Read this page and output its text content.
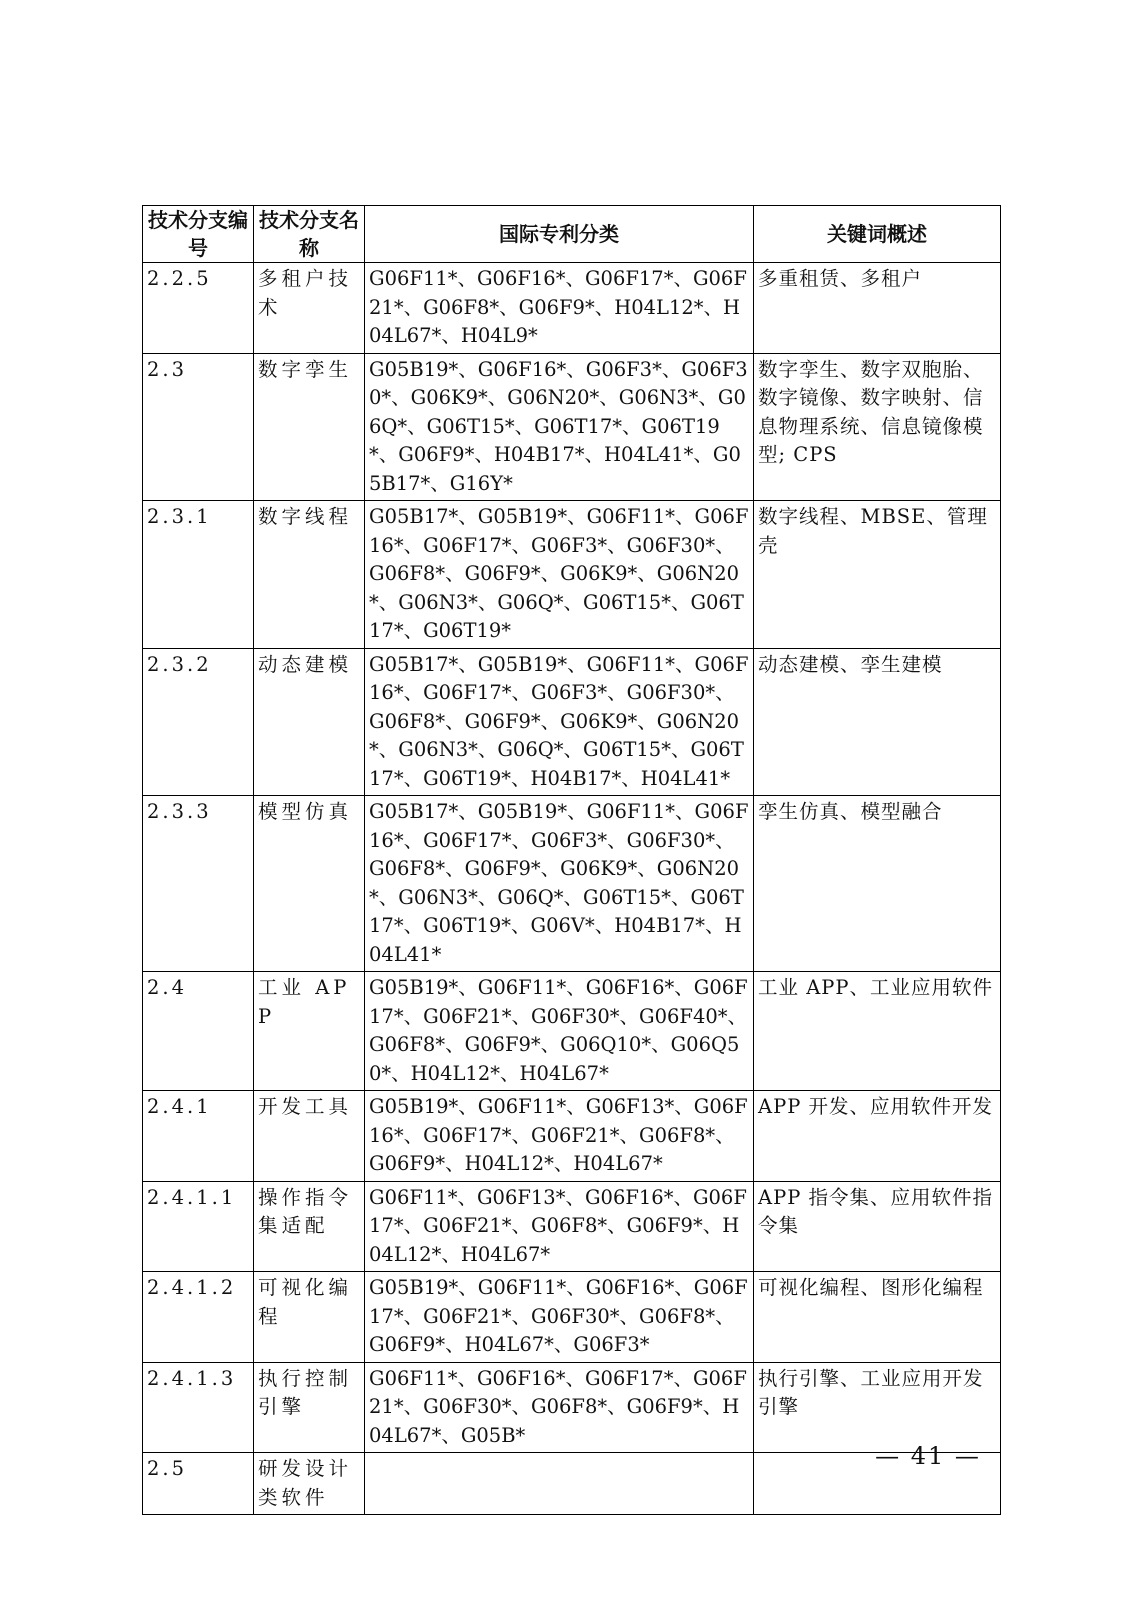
技术分支编号	技术分支名称	国际专利分类	关键词概述
2.2.5	多租户技术	G06F11*、G06F16*、G06F17*、G06F21*、G06F8*、G06F9*、H04L12*、H04L67*、H04L9*	多重租赁、多租户
2.3	数字孪生	G05B19*、G06F16*、G06F3*、G06F30*、G06K9*、G06N20*、G06N3*、G06Q*、G06T15*、G06T17*、G06T19*、G06F9*、H04B17*、H04L41*、G05B17*、G16Y*	数字孪生、数字双胞胎、数字镜像、数字映射、信息物理系统、信息镜像模型; CPS
2.3.1	数字线程	G05B17*、G05B19*、G06F11*、G06F16*、G06F17*、G06F3*、G06F30*、G06F8*、G06F9*、G06K9*、G06N20*、G06N3*、G06Q*、G06T15*、G06T17*、G06T19*	数字线程、MBSE、管理壳
2.3.2	动态建模	G05B17*、G05B19*、G06F11*、G06F16*、G06F17*、G06F3*、G06F30*、G06F8*、G06F9*、G06K9*、G06N20*、G06N3*、G06Q*、G06T15*、G06T17*、G06T19*、H04B17*、H04L41*	动态建模、孪生建模
2.3.3	模型仿真	G05B17*、G05B19*、G06F11*、G06F16*、G06F17*、G06F3*、G06F30*、G06F8*、G06F9*、G06K9*、G06N20*、G06N3*、G06Q*、G06T15*、G06T17*、G06T19*、G06V*、H04B17*、H04L41*	孪生仿真、模型融合
2.4	工业 APP	G05B19*、G06F11*、G06F16*、G06F17*、G06F21*、G06F30*、G06F40*、G06F8*、G06F9*、G06Q10*、G06Q50*、H04L12*、H04L67*	工业 APP、工业应用软件
2.4.1	开发工具	G05B19*、G06F11*、G06F13*、G06F16*、G06F17*、G06F21*、G06F8*、G06F9*、H04L12*、H04L67*	APP 开发、应用软件开发
2.4.1.1	操作指令集适配	G06F11*、G06F13*、G06F16*、G06F17*、G06F21*、G06F8*、G06F9*、H04L12*、H04L67*	APP 指令集、应用软件指令集
2.4.1.2	可视化编程	G05B19*、G06F11*、G06F16*、G06F17*、G06F21*、G06F30*、G06F8*、G06F9*、H04L67*、G06F3*	可视化编程、图形化编程
2.4.1.3	执行控制引擎	G06F11*、G06F16*、G06F17*、G06F21*、G06F30*、G06F8*、G06F9*、H04L67*、G05B*	执行引擎、工业应用开发引擎
2.5	研发设计类软件		
— 41 —
